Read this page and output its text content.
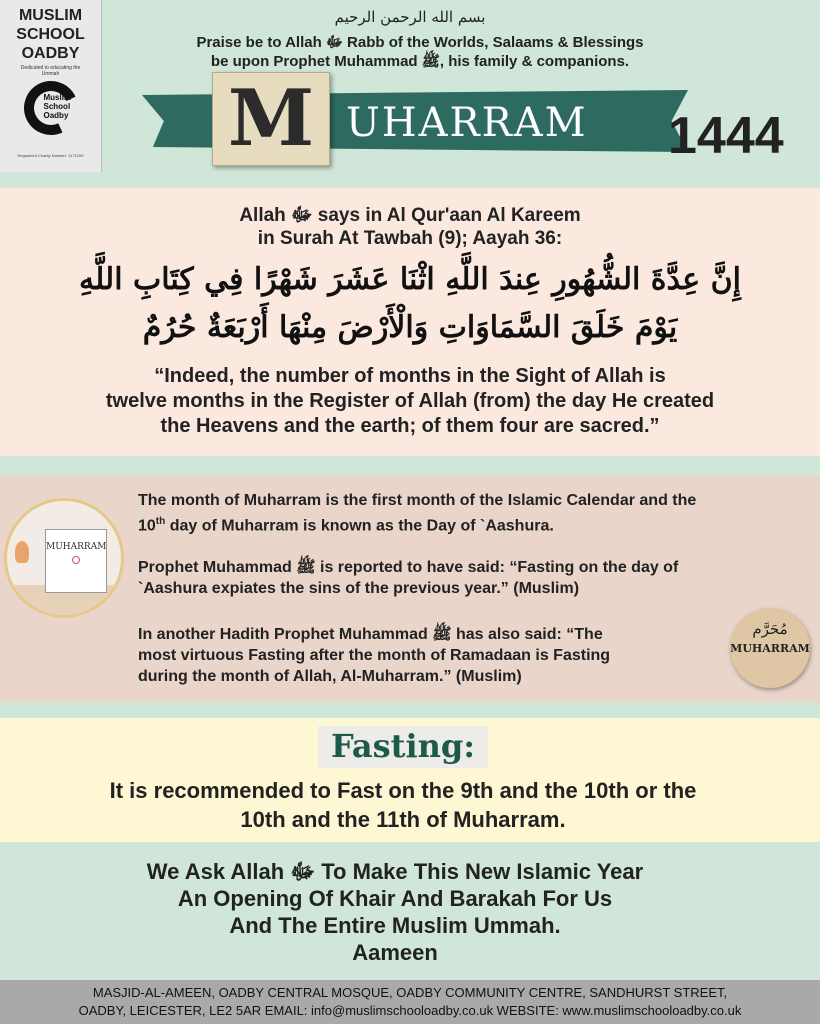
MUSLIM
SCHOOL
OADBY
Dedicated to educating the Ummah
Muslim
School
Oadby
Registered Charity Number: 1171299
بسم الله الرحمن الرحيم
Praise be to Allah ﷻ Rabb of the Worlds, Salaams & Blessings
be upon Prophet Muhammad ﷺ, his family & companions.
M UHARRAM 1444
Allah ﷻ says in Al Qur'aan Al Kareem
in Surah At Tawbah (9); Aayah 36:
إِنَّ عِدَّةَ الشُّهُورِ عِندَ اللَّهِ اثْنَا عَشَرَ شَهْرًا فِي كِتَابِ اللَّهِ
يَوْمَ خَلَقَ السَّمَاوَاتِ وَالْأَرْضَ مِنْهَا أَرْبَعَةٌ حُرُمٌ
“Indeed, the number of months in the Sight of Allah is
twelve months in the Register of Allah (from) the day He created
the Heavens and the earth; of them four are sacred.”
MUHARRAM
The month of Muharram is the first month of the Islamic Calendar and the
10th day of Muharram is known as the Day of `Aashura.
Prophet Muhammad ﷺ is reported to have said: “Fasting on the day of
`Aashura expiates the sins of the previous year.” (Muslim)
In another Hadith Prophet Muhammad ﷺ has also said: “The
most virtuous Fasting after the month of Ramadaan is Fasting
during the month of Allah, Al-Muharram.” (Muslim)
مُحَرَّم
MUHARRAM
Fasting:
It is recommended to Fast on the 9th and the 10th or the
10th and the 11th of Muharram.
We Ask Allah ﷻ To Make This New Islamic Year
An Opening Of Khair And Barakah For Us
And The Entire Muslim Ummah.
Aameen
MASJID-AL-AMEEN, OADBY CENTRAL MOSQUE, OADBY COMMUNITY CENTRE, SANDHURST STREET,
OADBY, LEICESTER, LE2 5AR EMAIL: info@muslimschooloadby.co.uk WEBSITE: www.muslimschooloadby.co.uk
